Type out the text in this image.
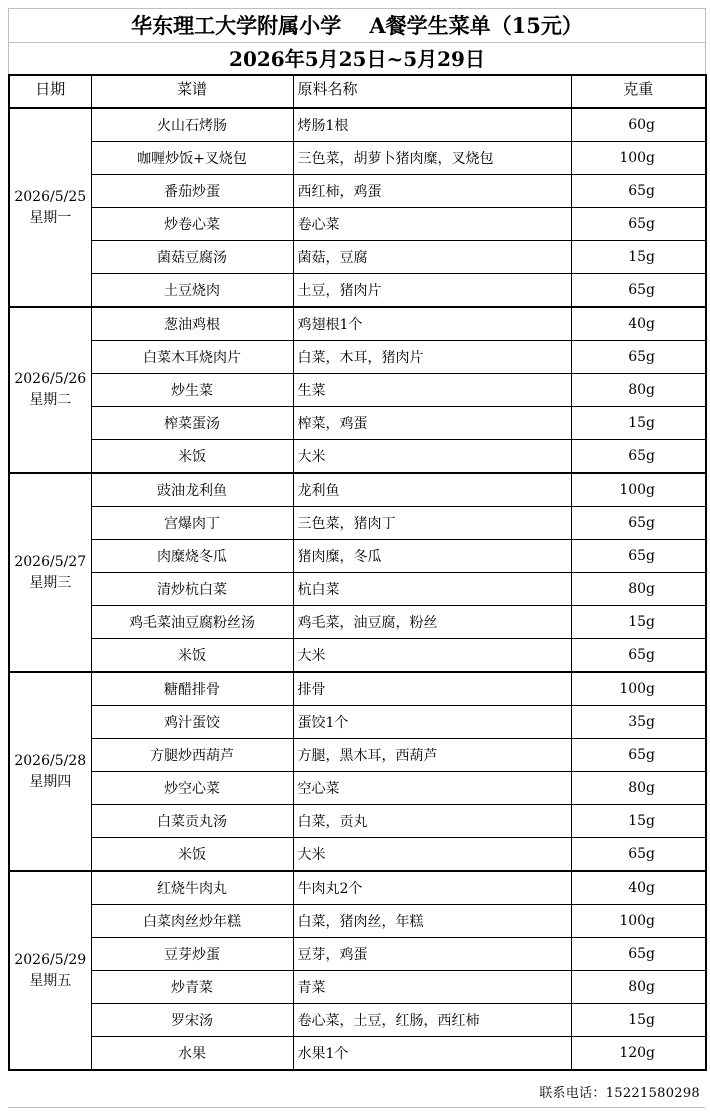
华东理工大学附属小学　 A餐学生菜单（15元）
2026年5月25日~5月29日
日期	菜谱	原料名称	克重

2026/5/25
星期一	火山石烤肠	烤肠1根	60g
	咖喱炒饭+叉烧包	三色菜，胡萝卜猪肉糜，叉烧包	100g
	番茄炒蛋	西红柿，鸡蛋	65g
	炒卷心菜	卷心菜	65g
	菌菇豆腐汤	菌菇，豆腐	15g
	土豆烧肉	土豆，猪肉片	65g

2026/5/26
星期二	葱油鸡根	鸡翅根1个	40g
	白菜木耳烧肉片	白菜，木耳，猪肉片	65g
	炒生菜	生菜	80g
	榨菜蛋汤	榨菜，鸡蛋	15g
	米饭	大米	65g

2026/5/27
星期三	豉油龙利鱼	龙利鱼	100g
	宫爆肉丁	三色菜，猪肉丁	65g
	肉糜烧冬瓜	猪肉糜，冬瓜	65g
	清炒杭白菜	杭白菜	80g
	鸡毛菜油豆腐粉丝汤	鸡毛菜，油豆腐，粉丝	15g
	米饭	大米	65g

2026/5/28
星期四	糖醋排骨	排骨	100g
	鸡汁蛋饺	蛋饺1个	35g
	方腿炒西葫芦	方腿，黑木耳，西葫芦	65g
	炒空心菜	空心菜	80g
	白菜贡丸汤	白菜，贡丸	15g
	米饭	大米	65g

2026/5/29
星期五	红烧牛肉丸	牛肉丸2个	40g
	白菜肉丝炒年糕	白菜，猪肉丝，年糕	100g
	豆芽炒蛋	豆芽，鸡蛋	65g
	炒青菜	青菜	80g
	罗宋汤	卷心菜，土豆，红肠，西红柿	15g
	水果	水果1个	120g
联系电话：15221580298
